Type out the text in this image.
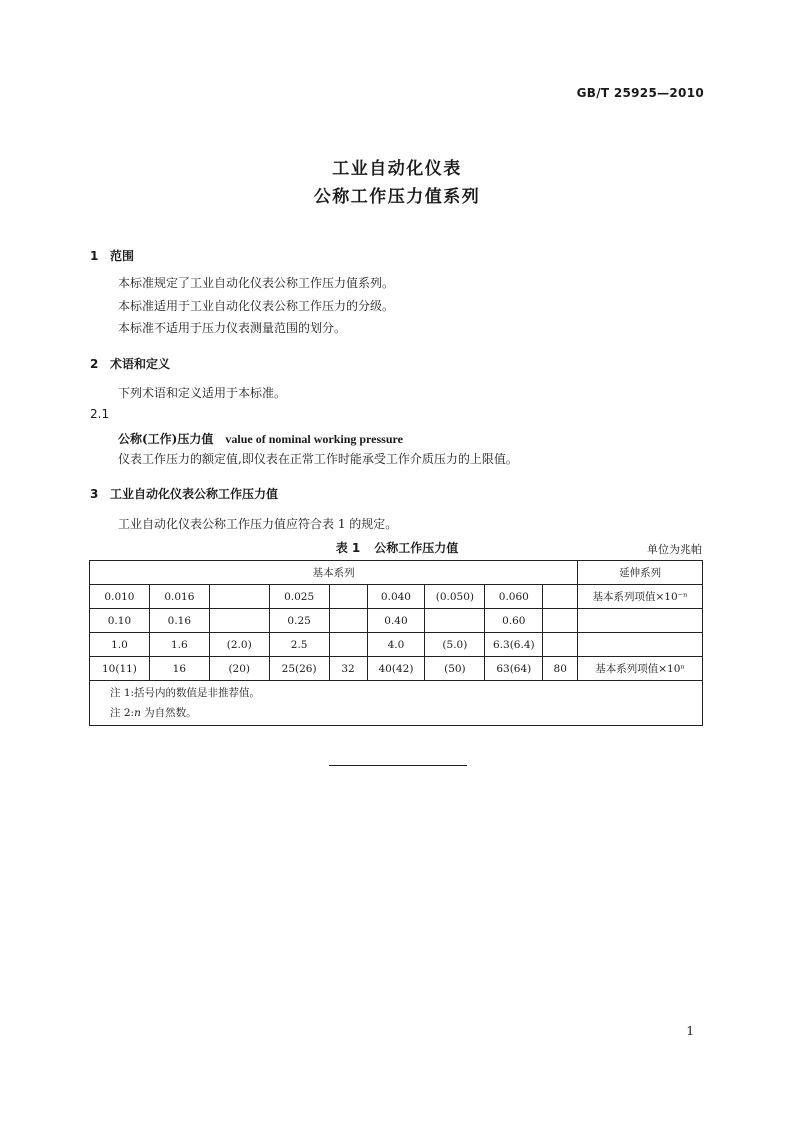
GB/T 25925—2010
工业自动化仪表
公称工作压力值系列
1 范围
本标准规定了工业自动化仪表公称工作压力值系列。
本标准适用于工业自动化仪表公称工作压力的分级。
本标准不适用于压力仪表测量范围的划分。
2 术语和定义
下列术语和定义适用于本标准。
2.1
公称(工作)压力值 value of nominal working pressure
仪表工作压力的额定值,即仪表在正常工作时能承受工作介质压力的上限值。
3 工业自动化仪表公称工作压力值
工业自动化仪表公称工作压力值应符合表 1 的规定。
表 1 公称工作压力值	单位为兆帕
基本系列									延伸系列
0.010	0.016		0.025		0.040	(0.050)	0.060		基本系列项值×10⁻ⁿ
0.10	0.16		0.25		0.40		0.60		
1.0	1.6	(2.0)	2.5		4.0	(5.0)	6.3(6.4)		
10(11)	16	(20)	25(26)	32	40(42)	(50)	63(64)	80	基本系列项值×10ⁿ

注 1:括号内的数值是非推荐值。
注 2:n 为自然数。									
1
